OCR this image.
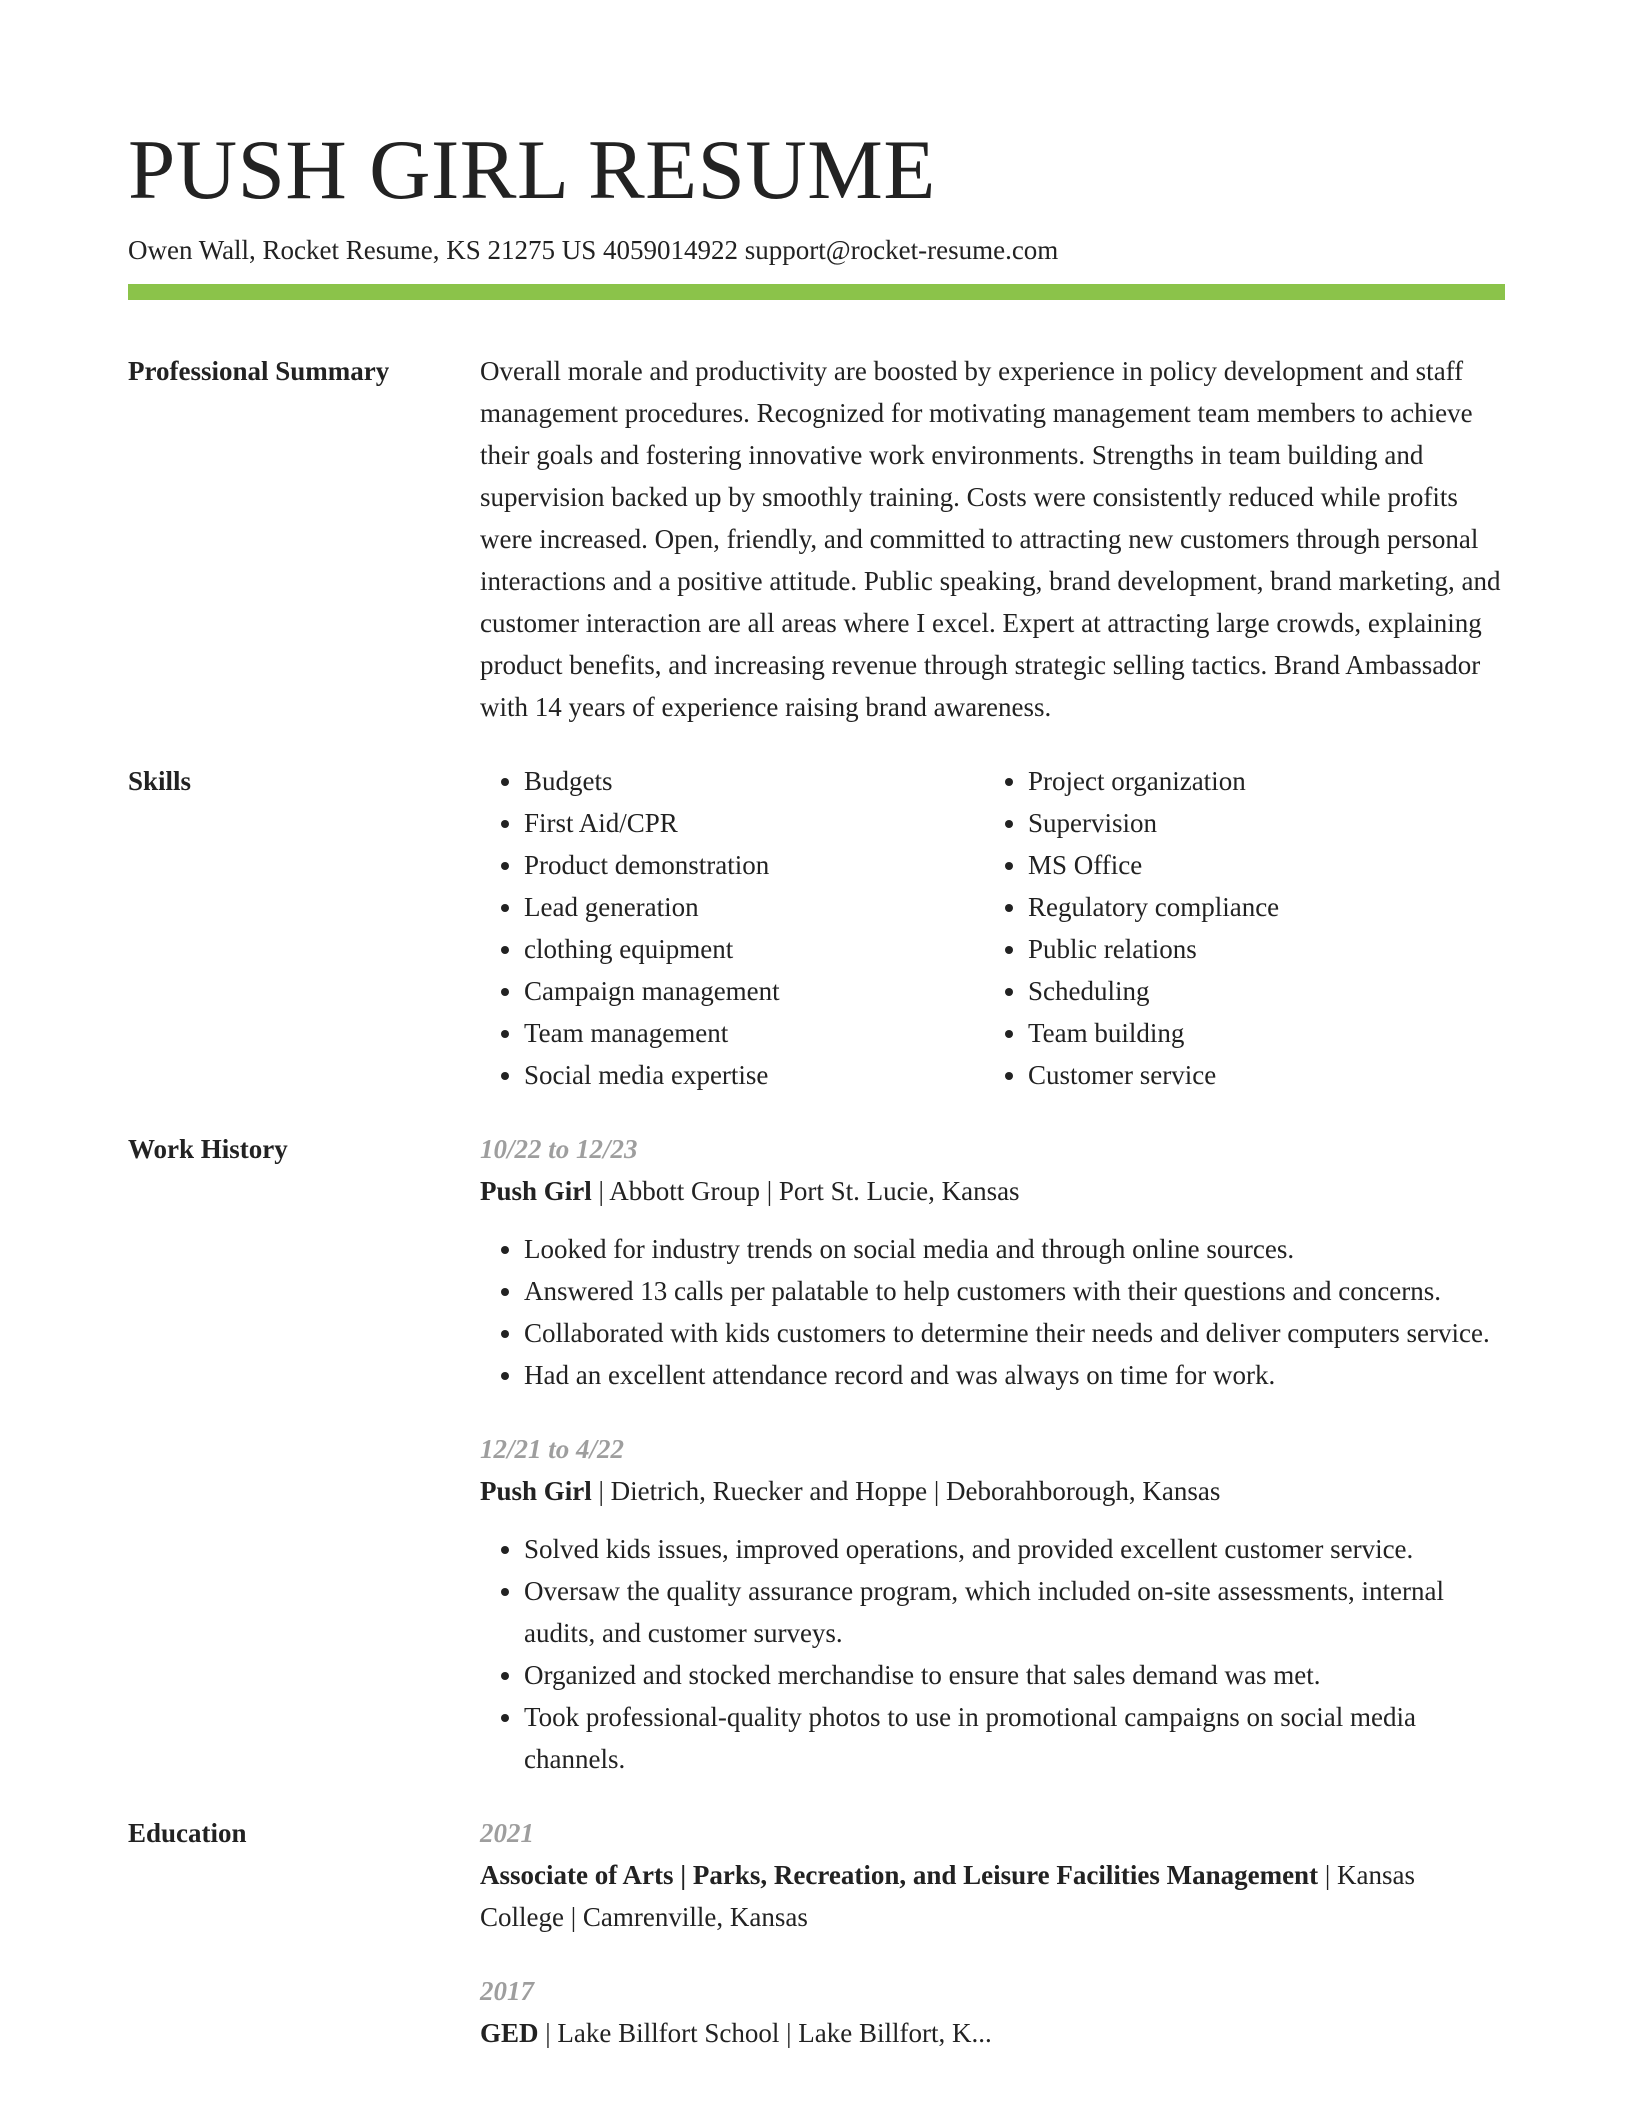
PUSH GIRL RESUME
Owen Wall, Rocket Resume, KS 21275 US 4059014922 support@rocket-resume.com
Professional Summary	Overall morale and productivity are boosted by experience in policy development and staff management procedures. Recognized for motivating management team members to achieve their goals and fostering innovative work environments. Strengths in team building and supervision backed up by smoothly training. Costs were consistently reduced while profits were increased. Open, friendly, and committed to attracting new customers through personal interactions and a positive attitude. Public speaking, brand development, brand marketing, and customer interaction are all areas where I excel. Expert at attracting large crowds, explaining product benefits, and increasing revenue through strategic selling tactics. Brand Ambassador with 14 years of experience raising brand awareness.
Skills
•	Budgets
• First Aid/CPR
• Product demonstration
• Lead generation
• clothing equipment
• Campaign management
• Team management
• Social media expertise
• Project organization
• Supervision
• MS Office
• Regulatory compliance
• Public relations
• Scheduling
• Team building
• Customer service
Work History	10/22 to 12/23
Push Girl | Abbott Group | Port St. Lucie, Kansas
• Looked for industry trends on social media and through online sources.
• Answered 13 calls per palatable to help customers with their questions and concerns.
• Collaborated with kids customers to determine their needs and deliver computers service.
• Had an excellent attendance record and was always on time for work.
12/21 to 4/22
Push Girl | Dietrich, Ruecker and Hoppe | Deborahborough, Kansas
• Solved kids issues, improved operations, and provided excellent customer service.
• Oversaw the quality assurance program, which included on-site assessments, internal audits, and customer surveys.
• Organized and stocked merchandise to ensure that sales demand was met.
• Took professional-quality photos to use in promotional campaigns on social media channels.
Education	2021
Associate of Arts | Parks, Recreation, and Leisure Facilities Management | Kansas College | Camrenville, Kansas
2017
GED | Lake Billfort School | Lake Billfort, K...
